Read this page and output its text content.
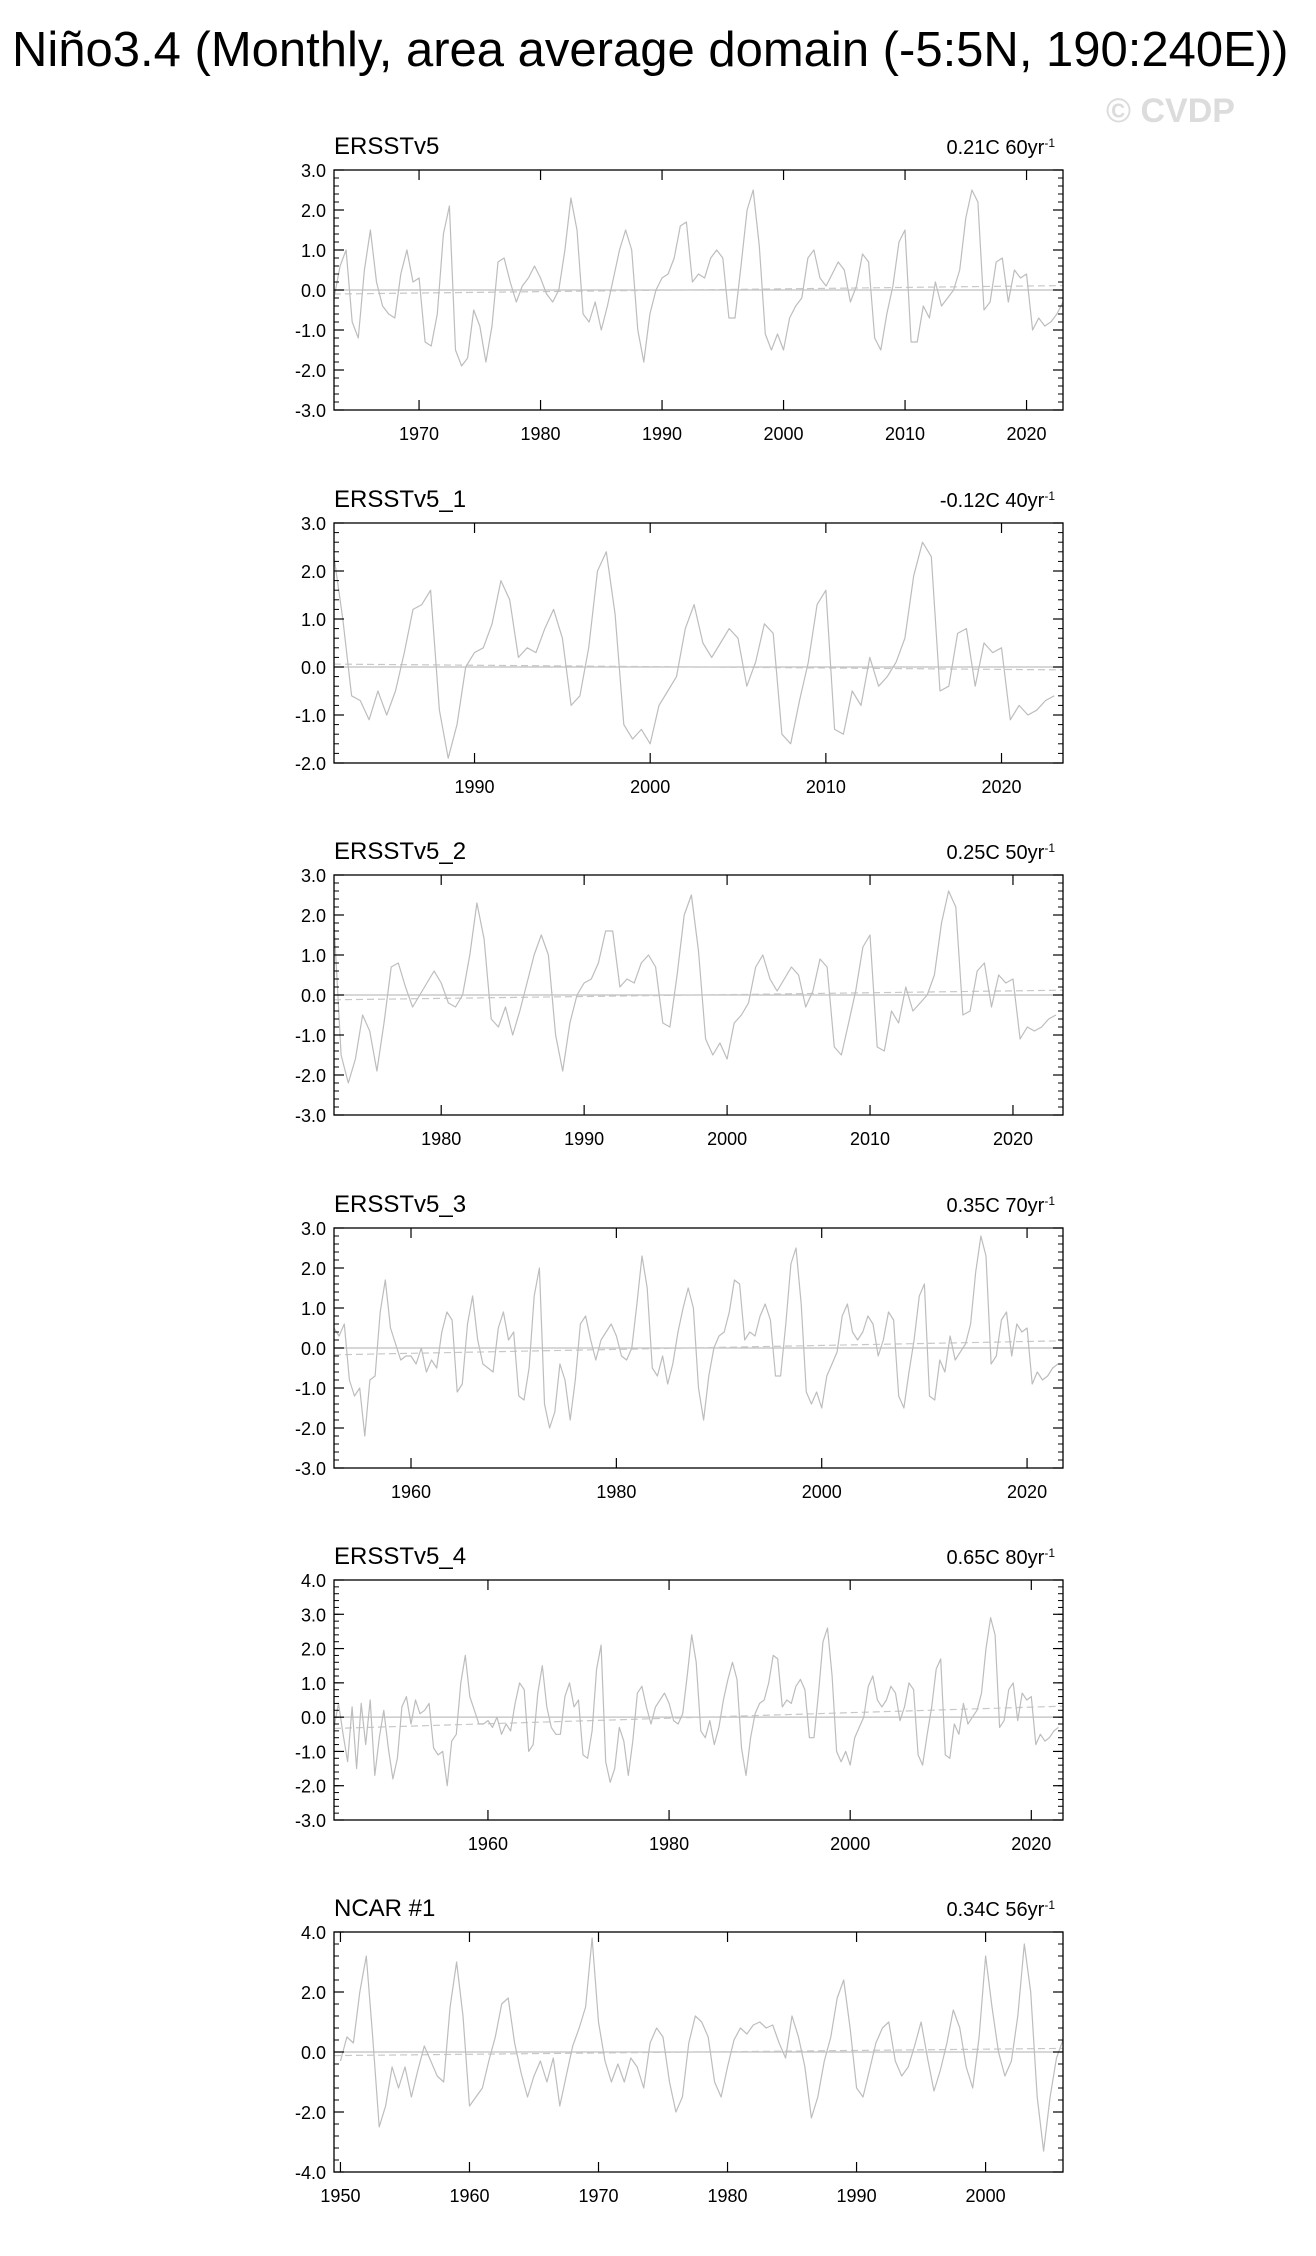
Niño3.4 (Monthly, area average domain (-5:5N, 190:240E))
© CVDP
ERSSTv5	0.21C $60yr^{-1}$
-3.0
-2.0
-1.0
0.0
1.0
2.0
3.0
1970	1980	1990	2000	2010	2020
ERSSTv5_1	-0.12C $40yr^{-1}$
-2.0
-1.0
0.0
1.0
2.0
3.0
1990	2000	2010	2020
ERSSTv5_2	0.25C $50yr^{-1}$
-3.0
-2.0
-1.0
0.0
1.0
2.0
3.0
1980	1990	2000	2010	2020
ERSSTv5_3	0.35C $70yr^{-1}$
-3.0
-2.0
-1.0
0.0
1.0
2.0
3.0
1960	1980	2000	2020
ERSSTv5_4	0.65C $80yr^{-1}$
-3.0
-2.0
-1.0
0.0
1.0
2.0
3.0
4.0
1960	1980	2000	2020
NCAR #1	0.34C $56yr^{-1}$
-4.0
-2.0
0.0
2.0
4.0
1950	1960	1970	1980	1990	2000
